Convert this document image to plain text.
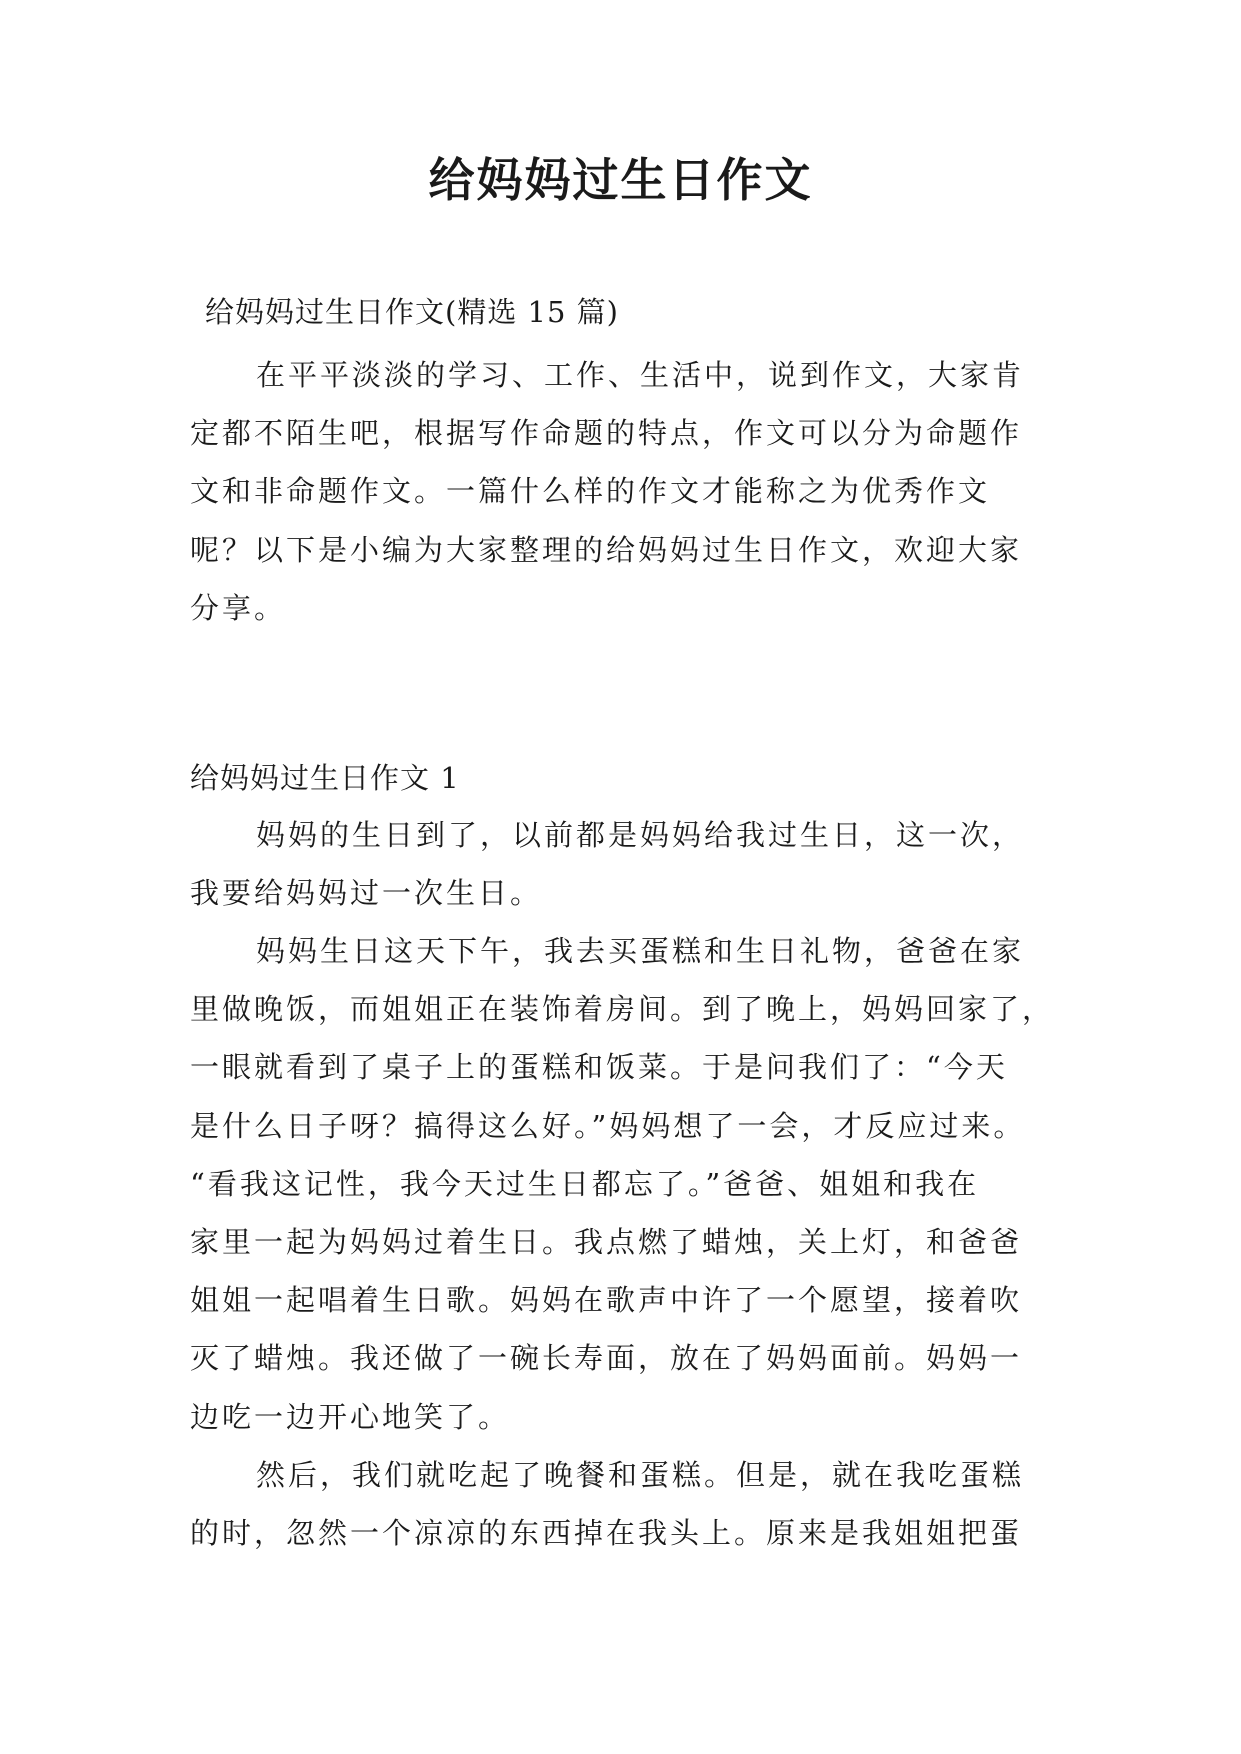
给妈妈过生日作文
给妈妈过生日作文(精选 15 篇)
在平平淡淡的学习、工作、生活中，说到作文，大家肯
定都不陌生吧，根据写作命题的特点，作文可以分为命题作
文和非命题作文。一篇什么样的作文才能称之为优秀作文
呢？以下是小编为大家整理的给妈妈过生日作文，欢迎大家
分享。
给妈妈过生日作文 1
妈妈的生日到了，以前都是妈妈给我过生日，这一次，
我要给妈妈过一次生日。
妈妈生日这天下午，我去买蛋糕和生日礼物，爸爸在家
里做晚饭，而姐姐正在装饰着房间。到了晚上，妈妈回家了，
一眼就看到了桌子上的蛋糕和饭菜。于是问我们了：“今天
是什么日子呀？搞得这么好。”妈妈想了一会，才反应过来。
“看我这记性，我今天过生日都忘了。”爸爸、姐姐和我在
家里一起为妈妈过着生日。我点燃了蜡烛，关上灯，和爸爸
姐姐一起唱着生日歌。妈妈在歌声中许了一个愿望，接着吹
灭了蜡烛。我还做了一碗长寿面，放在了妈妈面前。妈妈一
边吃一边开心地笑了。
然后，我们就吃起了晚餐和蛋糕。但是，就在我吃蛋糕
的时，忽然一个凉凉的东西掉在我头上。原来是我姐姐把蛋
